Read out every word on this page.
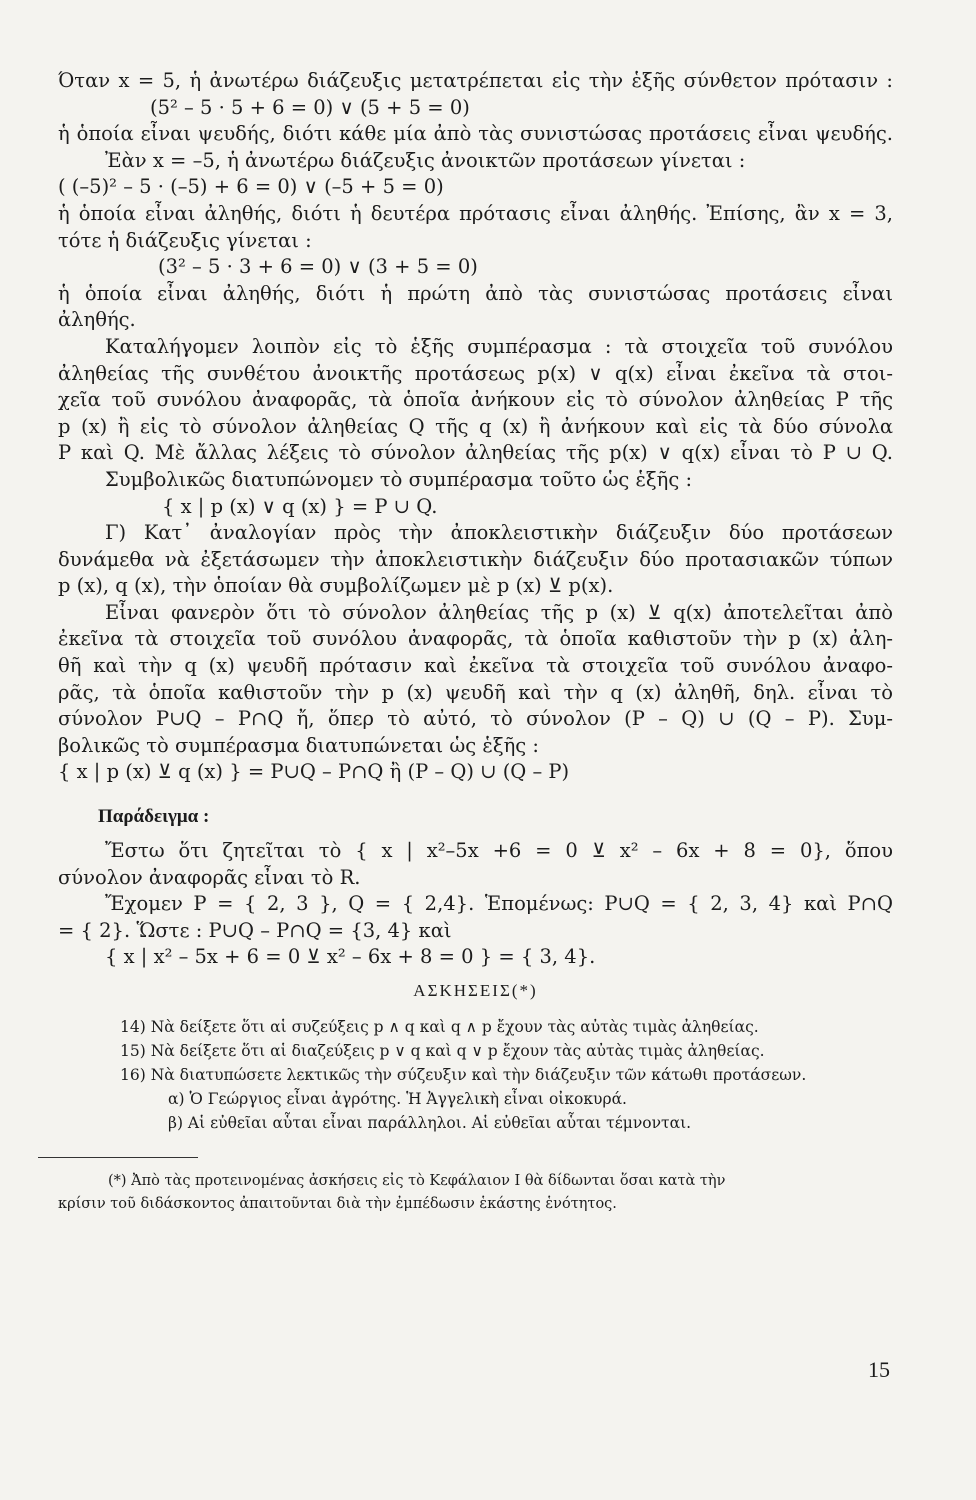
Όταν x = 5, ἡ ἀνωτέρω διάζευξις μετατρέπεται εἰς τὴν ἑξῆς σύνθετον πρότασιν :
(5² – 5 · 5 + 6 = 0) ∨ (5 + 5 = 0)
ἡ ὁποία εἶναι ψευδής, διότι κάθε μία ἀπὸ τὰς συνιστώσας προτάσεις εἶναι ψευδής.
Ἐὰν x = –5, ἡ ἀνωτέρω διάζευξις ἀνοικτῶν προτάσεων γίνεται :
( (–5)² – 5 · (–5) + 6 = 0) ∨ (–5 + 5 = 0)
ἡ ὁποία εἶναι ἀληθής, διότι ἡ δευτέρα πρότασις εἶναι ἀληθής. Ἐπίσης, ἂν x = 3,
τότε ἡ διάζευξις γίνεται :
(3² – 5 · 3 + 6 = 0) ∨ (3 + 5 = 0)
ἡ ὁποία εἶναι ἀληθής, διότι ἡ πρώτη ἀπὸ τὰς συνιστώσας προτάσεις εἶναι
ἀληθής.
Καταλήγομεν λοιπὸν εἰς τὸ ἑξῆς συμπέρασμα : τὰ στοιχεῖα τοῦ συνόλου
ἀληθείας τῆς συνθέτου ἀνοικτῆς προτάσεως p(x) ∨ q(x) εἶναι ἐκεῖνα τὰ στοι-
χεῖα τοῦ συνόλου ἀναφορᾶς, τὰ ὁποῖα ἀνήκουν εἰς τὸ σύνολον ἀληθείας P τῆς
p (x) ἢ εἰς τὸ σύνολον ἀληθείας Q τῆς q (x) ἢ ἀνήκουν καὶ εἰς τὰ δύο σύνολα
P καὶ Q. Μὲ ἄλλας λέξεις τὸ σύνολον ἀληθείας τῆς p(x) ∨ q(x) εἶναι τὸ P ∪ Q.
Συμβολικῶς διατυπώνομεν τὸ συμπέρασμα τοῦτο ὡς ἑξῆς :
{ x | p (x) ∨ q (x) } = P ∪ Q.
Γ) Κατ᾽ ἀναλογίαν πρὸς τὴν ἀποκλειστικὴν διάζευξιν δύο προτάσεων
δυνάμεθα νὰ ἐξετάσωμεν τὴν ἀποκλειστικὴν διάζευξιν δύο προτασιακῶν τύπων
p (x), q (x), τὴν ὁποίαν θὰ συμβολίζωμεν μὲ p (x) ⊻ p(x).
Εἶναι φανερὸν ὅτι τὸ σύνολον ἀληθείας τῆς p (x) ⊻ q(x) ἀποτελεῖται ἀπὸ
ἐκεῖνα τὰ στοιχεῖα τοῦ συνόλου ἀναφορᾶς, τὰ ὁποῖα καθιστοῦν τὴν p (x) ἀλη-
θῆ καὶ τὴν q (x) ψευδῆ πρότασιν καὶ ἐκεῖνα τὰ στοιχεῖα τοῦ συνόλου ἀναφο-
ρᾶς, τὰ ὁποῖα καθιστοῦν τὴν p (x) ψευδῆ καὶ τὴν q (x) ἀληθῆ, δηλ. εἶναι τὸ
σύνολον P∪Q – P∩Q ἤ, ὅπερ τὸ αὐτό, τὸ σύνολον (P – Q) ∪ (Q – P). Συμ-
βολικῶς τὸ συμπέρασμα διατυπώνεται ὡς ἑξῆς :
{ x | p (x) ⊻ q (x) } = P∪Q – P∩Q ἢ (P – Q) ∪ (Q – P)
Παράδειγμα :
Ἔστω ὅτι ζητεῖται τὸ { x | x²–5x +6 = 0 ⊻ x² – 6x + 8 = 0}, ὅπου
σύνολον ἀναφορᾶς εἶναι τὸ R.
Ἔχομεν P = { 2, 3 }, Q = { 2,4}. Ἑπομένως: P∪Q = { 2, 3, 4} καὶ P∩Q
= { 2}. Ὥστε : P∪Q – P∩Q = {3, 4} καὶ
{ x | x² – 5x + 6 = 0 ⊻ x² – 6x + 8 = 0 } = { 3, 4}.
ΑΣΚΗΣΕΙΣ(*)
14) Νὰ δείξετε ὅτι αἱ συζεύξεις p ∧ q καὶ q ∧ p ἔχουν τὰς αὐτὰς τιμὰς ἀληθείας.
15) Νὰ δείξετε ὅτι αἱ διαζεύξεις p ∨ q καὶ q ∨ p ἔχουν τὰς αὐτὰς τιμὰς ἀληθείας.
16) Νὰ διατυπώσετε λεκτικῶς τὴν σύζευξιν καὶ τὴν διάζευξιν τῶν κάτωθι προτάσεων.
α) Ὁ Γεώργιος εἶναι ἀγρότης. Ἡ Ἀγγελικὴ εἶναι οἰκοκυρά.
β) Αἱ εὐθεῖαι αὗται εἶναι παράλληλοι. Αἱ εὐθεῖαι αὗται τέμνονται.
(*) Ἀπὸ τὰς προτεινομένας ἀσκήσεις εἰς τὸ Κεφάλαιον I θὰ δίδωνται ὅσαι κατὰ τὴν
κρίσιν τοῦ διδάσκοντος ἀπαιτοῦνται διὰ τὴν ἐμπέδωσιν ἑκάστης ἑνότητος.
15
